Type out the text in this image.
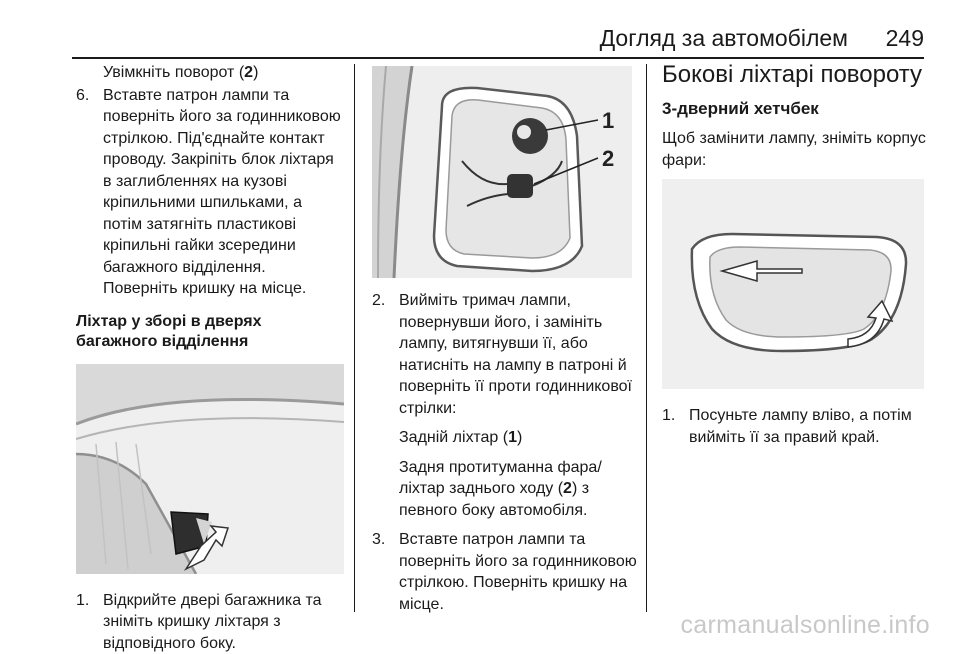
Догляд за автомобілем 249

Увімкніть поворот (2)

6. Вставте патрон лампи та повернiть його за годинниковою стрілкою. Під'єднайте контакт проводу. Закріпіть блок ліхтаря в заглибленнях на кузові кріпильними шпильками, а потім затягніть пластикові кріпильні гайки зсередини багажного відділення. Поверніть кришку на місце.

Ліхтар у зборі в дверях багажного відділення

1. Відкрийте двері багажника та зніміть кришку ліхтаря з відповідного боку.

1
2
2. Вийміть тримач лампи, повернувши його, і замініть лампу, витягнувши її, або натисніть на лампу в патроні й поверніть її проти годинникової стрілки:

Задній ліхтар (1)

Задня протитуманна фара/ліхтар заднього ходу (2) з певного боку автомобіля.

3. Вставте патрон лампи та повернiть його за годинниковою стрілкою. Поверніть кришку на місце.

Бокові ліхтарі повороту

3-дверний хетчбек

Щоб замінити лампу, зніміть корпус фари:

1. Посуньте лампу вліво, а потім вийміть її за правий край.

carmanualsonline.info
